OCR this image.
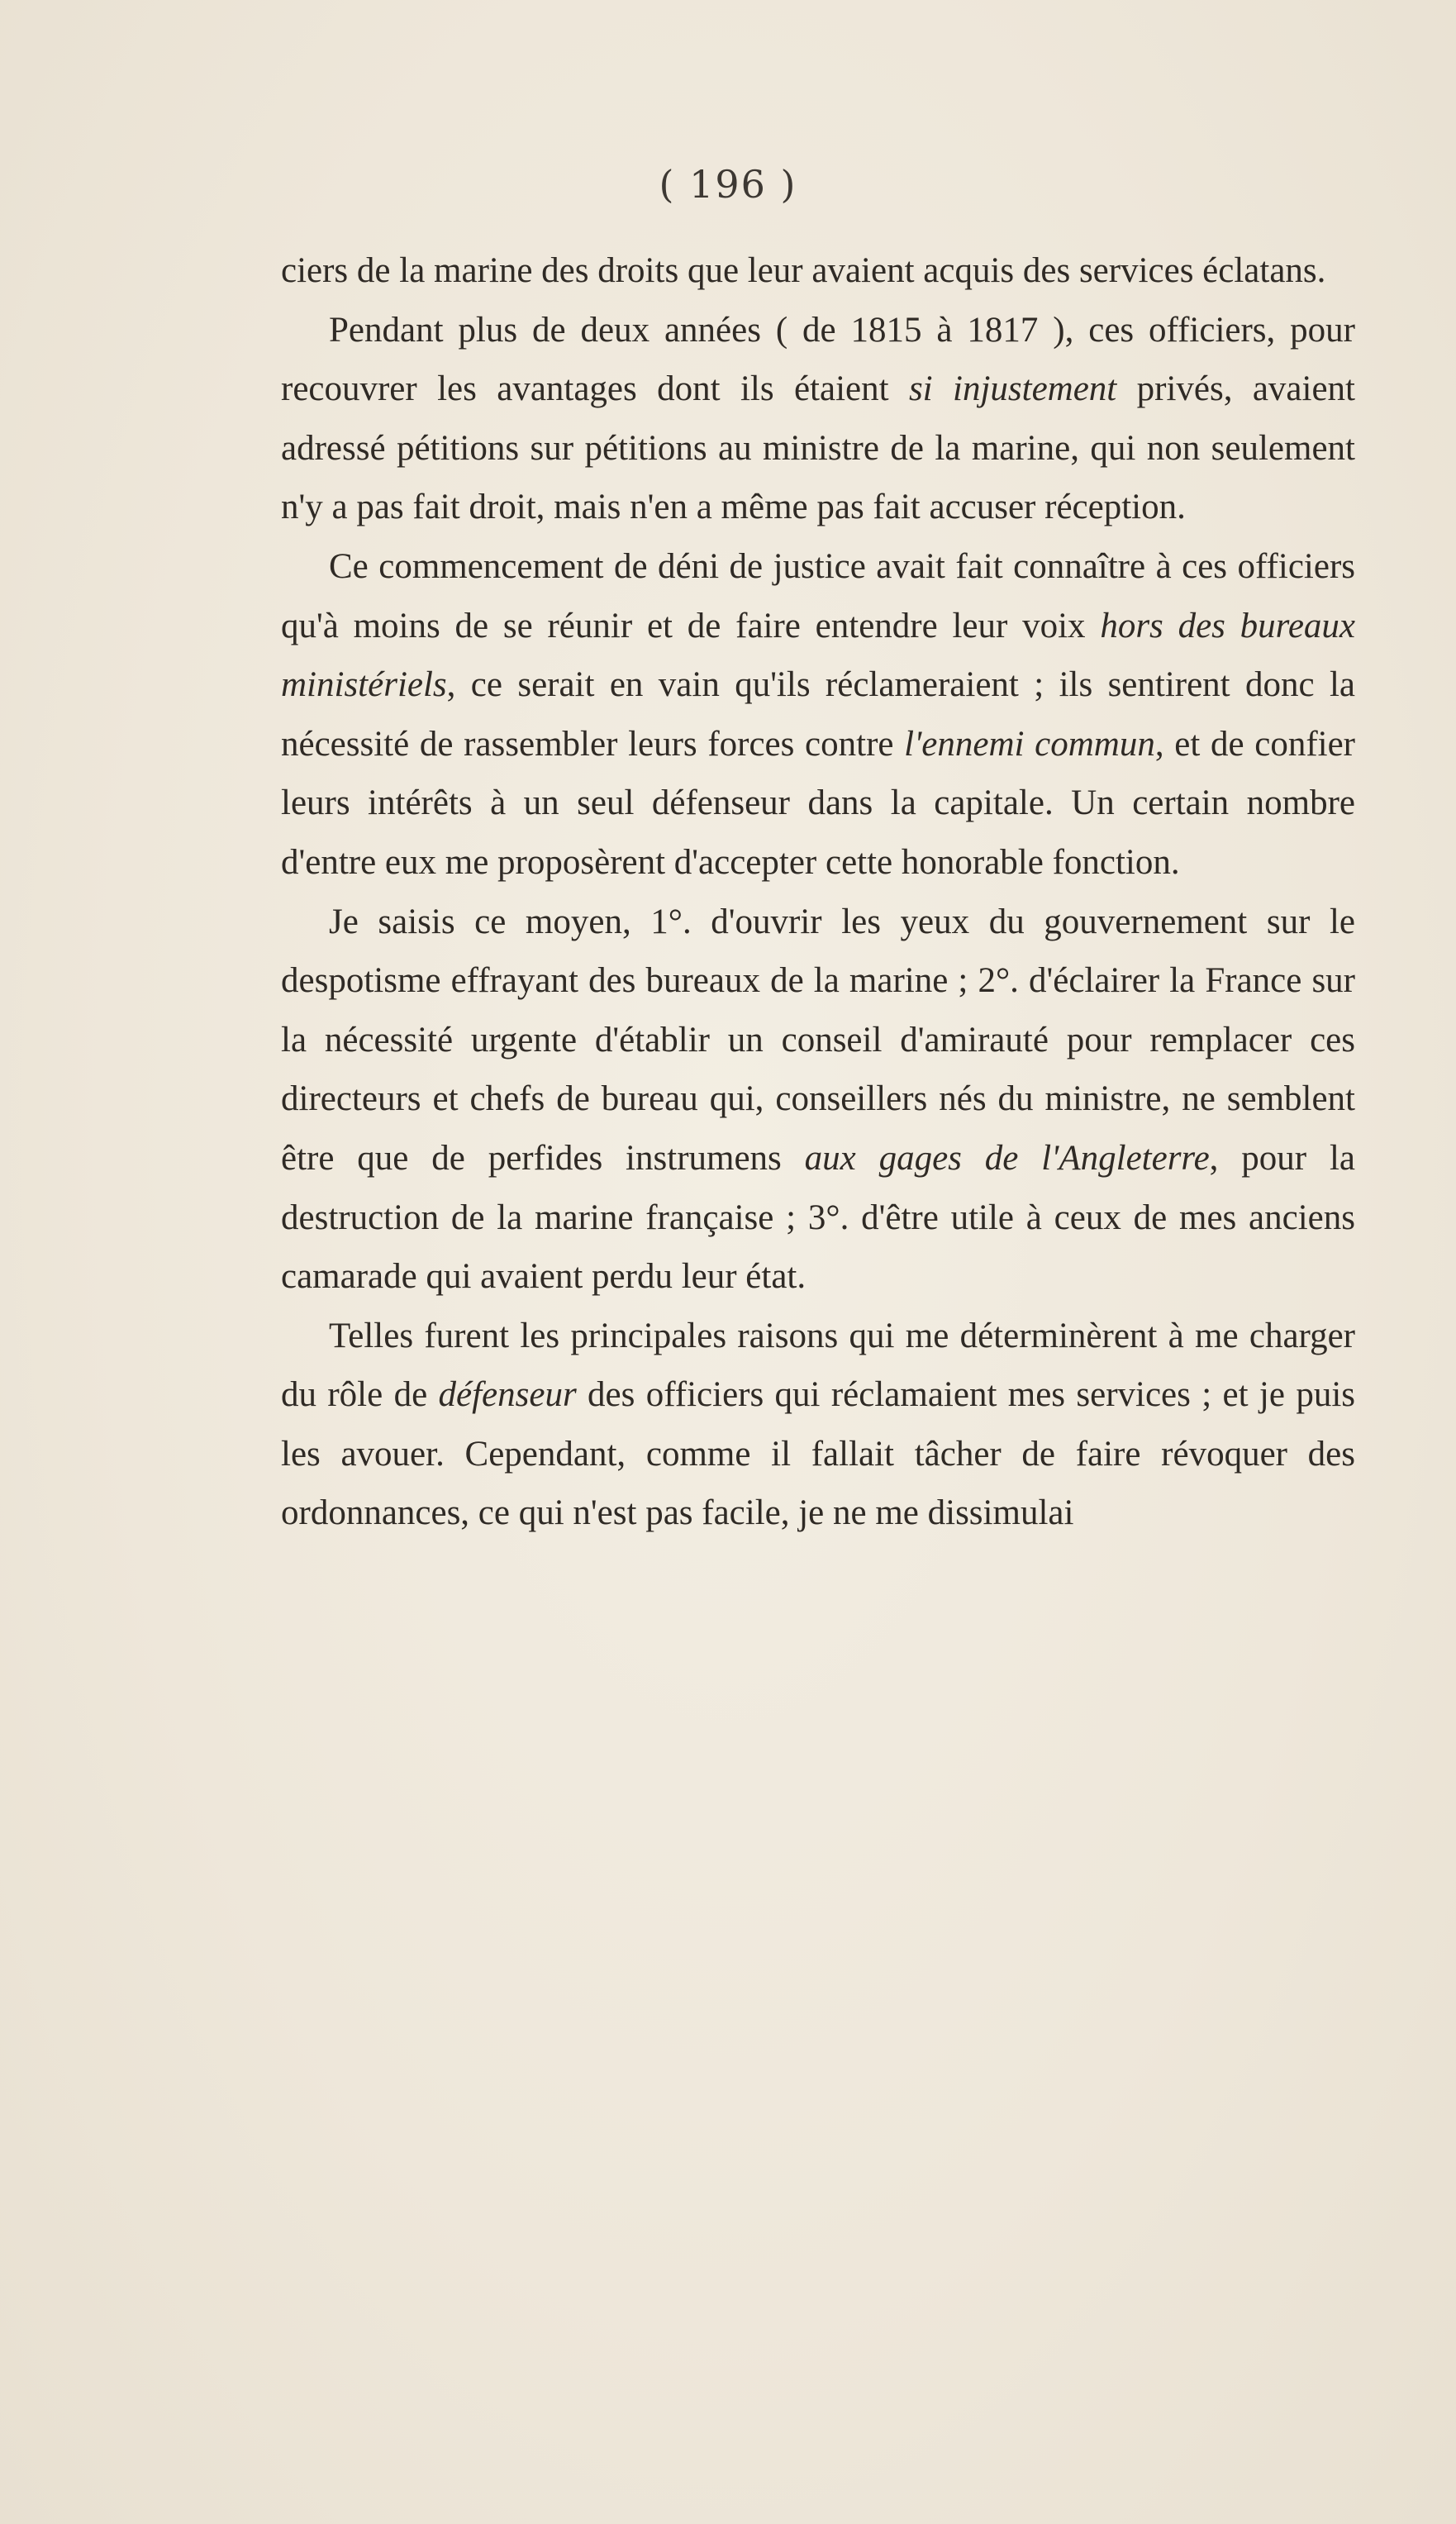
( 196 )

ciers de la marine des droits que leur avaient acquis des services éclatans.

Pendant plus de deux années ( de 1815 à 1817 ), ces officiers, pour recouvrer les avantages dont ils étaient si injustement privés, avaient adressé pétitions sur pétitions au ministre de la marine, qui non seulement n'y a pas fait droit, mais n'en a même pas fait accuser réception.

Ce commencement de déni de justice avait fait connaître à ces officiers qu'à moins de se réunir et de faire entendre leur voix hors des bureaux ministériels, ce serait en vain qu'ils réclameraient ; ils sentirent donc la nécessité de rassembler leurs forces contre l'ennemi commun, et de confier leurs intérêts à un seul défenseur dans la capitale. Un certain nombre d'entre eux me proposèrent d'accepter cette honorable fonction.

Je saisis ce moyen, 1°. d'ouvrir les yeux du gouvernement sur le despotisme effrayant des bureaux de la marine ; 2°. d'éclairer la France sur la nécessité urgente d'établir un conseil d'amirauté pour remplacer ces directeurs et chefs de bureau qui, conseillers nés du ministre, ne semblent être que de perfides instrumens aux gages de l'Angleterre, pour la destruction de la marine française ; 3°. d'être utile à ceux de mes anciens camarade qui avaient perdu leur état.

Telles furent les principales raisons qui me déterminèrent à me charger du rôle de défenseur des officiers qui réclamaient mes services ; et je puis les avouer. Cependant, comme il fallait tâcher de faire révoquer des ordonnances, ce qui n'est pas facile, je ne me dissimulai
